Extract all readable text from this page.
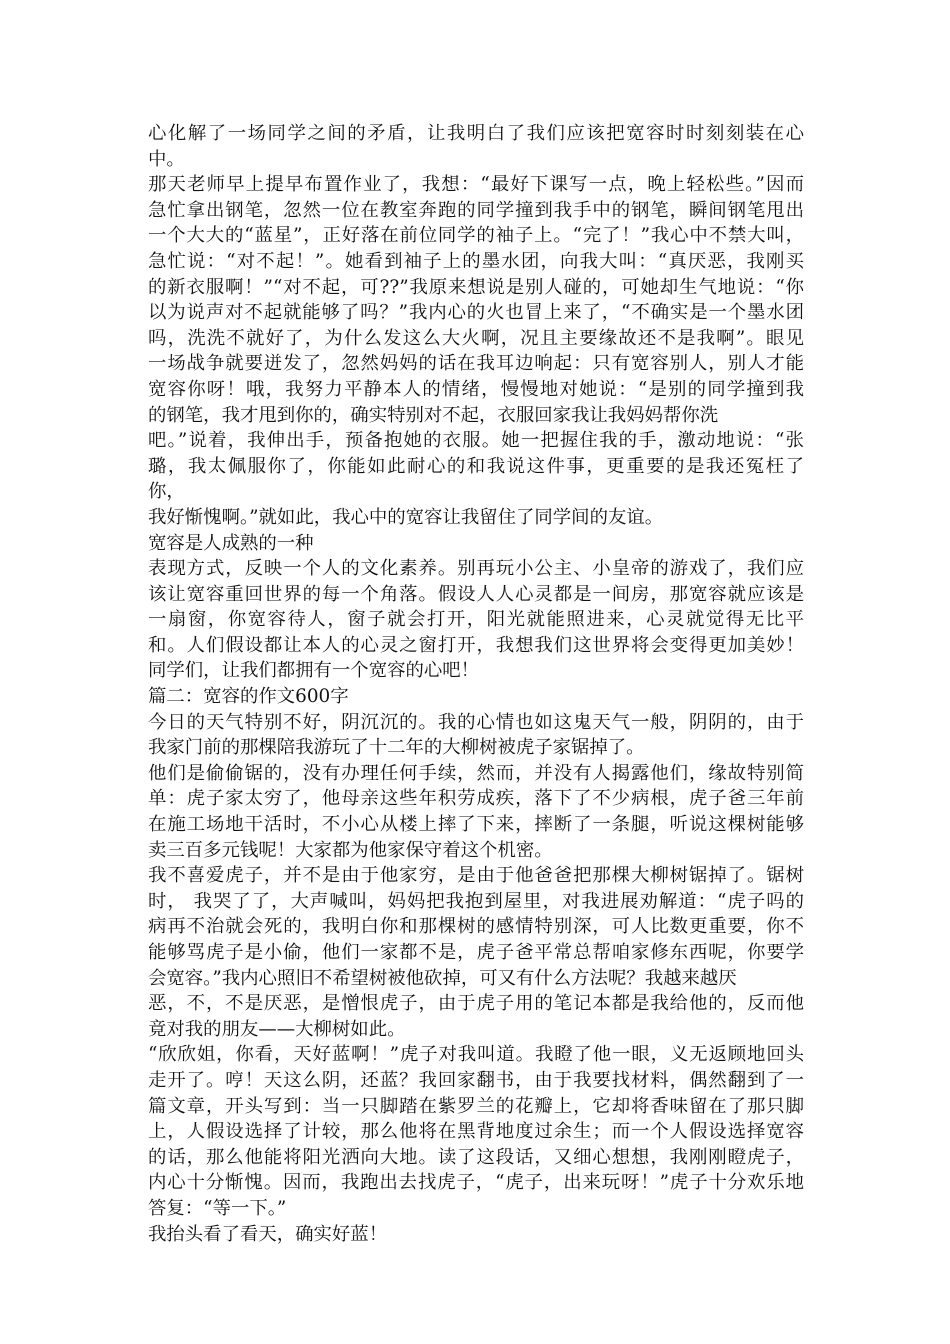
心化解了一场同学之间的矛盾，让我明白了我们应该把宽容时时刻刻装在心
中。
那天老师早上提早布置作业了，我想：“最好下课写一点，晚上轻松些。”因而
急忙拿出钢笔，忽然一位在教室奔跑的同学撞到我手中的钢笔，瞬间钢笔甩出
一个大大的“蓝星”，正好落在前位同学的袖子上。“完了！”我心中不禁大叫，
急忙说：“对不起！”。她看到袖子上的墨水团，向我大叫：“真厌恶，我刚买
的新衣服啊！”“对不起，可??”我原来想说是别人碰的，可她却生气地说：“你
以为说声对不起就能够了吗？”我内心的火也冒上来了，“不确实是一个墨水团
吗，洗洗不就好了，为什么发这么大火啊，况且主要缘故还不是我啊”。眼见
一场战争就要迸发了，忽然妈妈的话在我耳边响起：只有宽容别人，别人才能
宽容你呀！哦，我努力平静本人的情绪，慢慢地对她说：“是别的同学撞到我
的钢笔，我才甩到你的，确实特别对不起，衣服回家我让我妈妈帮你洗
吧。”说着，我伸出手，预备抱她的衣服。她一把握住我的手，激动地说：“张
璐，我太佩服你了，你能如此耐心的和我说这件事，更重要的是我还冤枉了
你，
我好惭愧啊。”就如此，我心中的宽容让我留住了同学间的友谊。
宽容是人成熟的一种
表现方式，反映一个人的文化素养。别再玩小公主、小皇帝的游戏了，我们应
该让宽容重回世界的每一个角落。假设人人心灵都是一间房，那宽容就应该是
一扇窗，你宽容待人，窗子就会打开，阳光就能照进来，心灵就觉得无比平
和。人们假设都让本人的心灵之窗打开，我想我们这世界将会变得更加美妙！
同学们，让我们都拥有一个宽容的心吧！
篇二：宽容的作文600字
今日的天气特别不好，阴沉沉的。我的心情也如这鬼天气一般，阴阴的，由于
我家门前的那棵陪我游玩了十二年的大柳树被虎子家锯掉了。
他们是偷偷锯的，没有办理任何手续，然而，并没有人揭露他们，缘故特别简
单：虎子家太穷了，他母亲这些年积劳成疾，落下了不少病根，虎子爸三年前
在施工场地干活时，不小心从楼上摔了下来，摔断了一条腿，听说这棵树能够
卖三百多元钱呢！大家都为他家保守着这个机密。
我不喜爱虎子，并不是由于他家穷，是由于他爸爸把那棵大柳树锯掉了。锯树
时， 我哭了了，大声喊叫，妈妈把我抱到屋里，对我进展劝解道：“虎子吗的
病再不治就会死的，我明白你和那棵树的感情特别深，可人比数更重要，你不
能够骂虎子是小偷，他们一家都不是，虎子爸平常总帮咱家修东西呢，你要学
会宽容。”我内心照旧不希望树被他砍掉，可又有什么方法呢？我越来越厌
恶，不，不是厌恶，是憎恨虎子，由于虎子用的笔记本都是我给他的，反而他
竟对我的朋友——大柳树如此。
“欣欣姐，你看，天好蓝啊！”虎子对我叫道。我瞪了他一眼，义无返顾地回头
走开了。哼！天这么阴，还蓝？我回家翻书，由于我要找材料，偶然翻到了一
篇文章，开头写到：当一只脚踏在紫罗兰的花瓣上，它却将香味留在了那只脚
上，人假设选择了计较，那么他将在黑背地度过余生；而一个人假设选择宽容
的话，那么他能将阳光洒向大地。读了这段话，又细心想想，我刚刚瞪虎子，
内心十分惭愧。因而，我跑出去找虎子，“虎子，出来玩呀！”虎子十分欢乐地
答复：“等一下。”
我抬头看了看天，确实好蓝！
